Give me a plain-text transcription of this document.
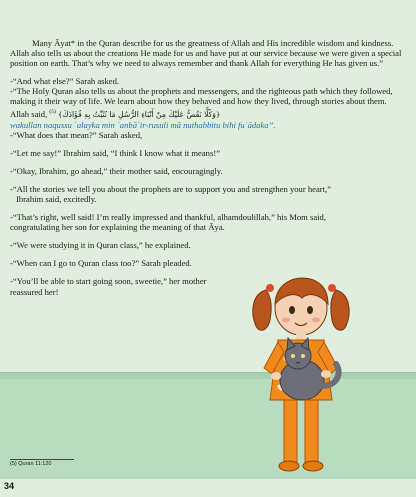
Many Āyat* in the Quran describe for us the greatness of Allah and His incredible wisdom and kindness. Allah also tells us about the creations He made for us and have put at our service because we were given a special position on earth. That’s why we need to always remember and thank Allah for everything He has given us.”

-“And what else?” Sarah asked.

-“The Holy Quran also tells us about the prophets and messengers, and the righteous path which they followed, making it their way of life. We learn about how they behaved and how they lived, through stories about them.

Allah said, $^{(5)}$ ﴿وَكُلًّا نَقُصُّ عَلَيْكَ مِنْ أَنْبَاءِ الرُّسُلِ مَا نُثَبِّتُ بِهِ فُؤَادَكَ﴾

wakullan naqussu ʿalayka min ʾanbāʾir-rusuli mā nuthabbitu bihi fuʾādaka”.

-“What does that mean?” Sarah asked,

-“Let me say!” Ibrahim said, “I think I know what it means!”

-“Okay, Ibrahim, go ahead,” their mother said, encouragingly.

-“All the stories we tell you about the prophets are to support you and strengthen your heart,”

Ibrahim said, excitedly.

-“That’s right, well said! I’m really impressed and thankful, alhamdoulillah,” his Mom said,

congratulating her son for explaining the meaning of that Āya.

-“We were studying it in Quran class,” he explained.

-“When can I go to Quran class too?” Sarah pleaded.

-“You’ll be able to start going soon, sweetie,” her mother

reassured her!

(5) Quran 11:120
34
